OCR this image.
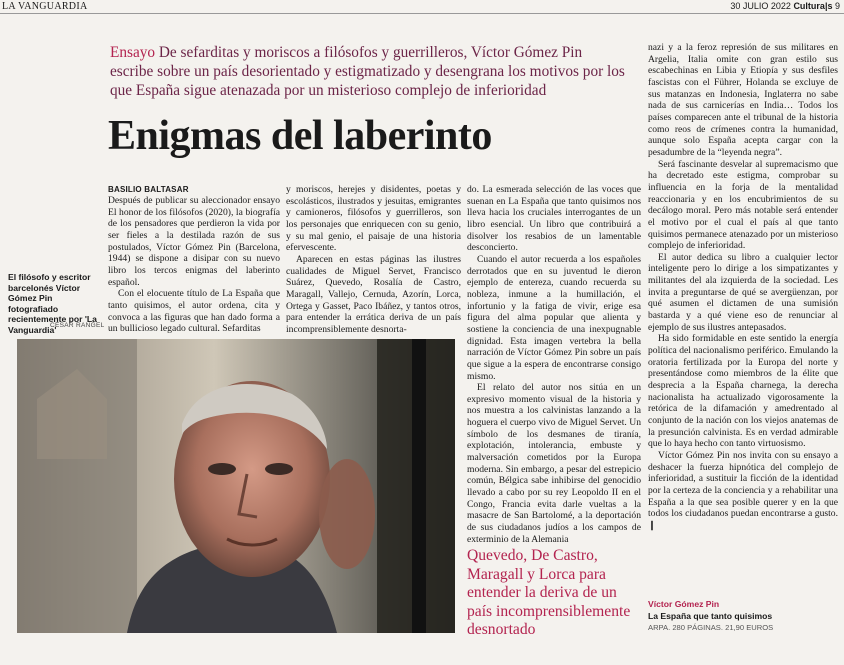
LA VANGUARDIA	30 JULIO 2022 Cultura|s 9
Ensayo De sefarditas y moriscos a filósofos y guerrilleros, Víctor Gómez Pin escribe sobre un país desorientado y estigmatizado y desengrana los motivos por los que España sigue atenazada por un misterioso complejo de inferioridad
Enigmas del laberinto
El filósofo y escritor barcelonés Víctor Gómez Pin fotografiado recientemente por 'La Vanguardia'
CÉSAR RANGEL
BASILIO BALTASAR

Después de publicar su aleccionador ensayo El honor de los filósofos (2020), la biografía de los pensadores que perdieron la vida por ser fieles a la destilada razón de sus postulados, Víctor Gómez Pin (Barcelona, 1944) se dispone a disipar con su nuevo libro los tercos enigmas del laberinto español.

Con el elocuente título de La España que tanto quisimos, el autor ordena, cita y convoca a las figuras que han dado forma a un bullicioso legado cultural. Sefarditas

y moriscos, herejes y disidentes, poetas y escolásticos, ilustrados y jesuitas, emigrantes y camioneros, filósofos y guerrilleros, son los personajes que enriquecen con su genio, y su mal genio, el paisaje de una historia efervescente.

Aparecen en estas páginas las ilustres cualidades de Miguel Servet, Francisco Suárez, Quevedo, Rosalía de Castro, Maragall, Vallejo, Cernuda, Azorín, Lorca, Ortega y Gasset, Paco Ibáñez, y tantos otros, para entender la errática deriva de un país incomprensiblemente desnorta-

do. La esmerada selección de las voces que suenan en La España que tanto quisimos nos lleva hacia los cruciales interrogantes de un libro esencial. Un libro que contribuirá a disolver los resabios de un lamentable desconcierto.

Cuando el autor recuerda a los españoles derrotados que en su juventud le dieron ejemplo de entereza, cuando recuerda su nobleza, inmune a la humillación, el infortunio y la fatiga de vivir, erige esa figura del alma popular que alienta y sostiene la conciencia de una inexpugnable dignidad. Esta imagen vertebra la bella narración de Víctor Gómez Pin sobre un país que sigue a la espera de encontrarse consigo mismo.

El relato del autor nos sitúa en un expresivo momento visual de la historia y nos muestra a los calvinistas lanzando a la hoguera el cuerpo vivo de Miguel Servet. Un símbolo de los desmanes de tiranía, explotación, intolerancia, embuste y malversación cometidos por la Europa moderna. Sin embargo, a pesar del estrepicio común, Bélgica sabe inhibirse del genocidio llevado a cabo por su rey Leopoldo II en el Congo, Francia evita darle vueltas a la masacre de San Bartolomé, a la deportación de sus ciudadanos judíos a los campos de exterminio de la Alemania

Quevedo, De Castro, Maragall y Lorca para entender la deriva de un país incomprensiblemente desnortado

nazi y a la feroz represión de sus militares en Argelia, Italia omite con gran estilo sus escabechinas en Libia y Etiopía y sus desfiles fascistas con el Führer, Holanda se excluye de sus matanzas en Indonesia, Inglaterra no sabe nada de sus carnicerías en India… Todos los países comparecen ante el tribunal de la historia como reos de crímenes contra la humanidad, aunque solo España acepta cargar con la pesadumbre de la “leyenda negra”.

Será fascinante desvelar al supremacismo que ha decretado este estigma, comprobar su influencia en la forja de la mentalidad reaccionaria y en los encubrimientos de su decálogo moral. Pero más notable será entender el motivo por el cual el país al que tanto quisimos permanece atenazado por un misterioso complejo de inferioridad.

El autor dedica su libro a cualquier lector inteligente pero lo dirige a los simpatizantes y militantes del ala izquierda de la sociedad. Les invita a preguntarse de qué se avergüenzan, por qué asumen el dictamen de una sumisión bastarda y a qué viene eso de renunciar al ejemplo de sus ilustres antepasados.

Ha sido formidable en este sentido la energía política del nacionalismo periférico. Emulando la oratoria fertilizada por la Europa del norte y presentándose como miembros de la élite que desprecia a la España charnega, la derecha nacionalista ha actualizado vigorosamente la retórica de la difamación y amedrentado al conjunto de la nación con los viejos anatemas de la presunción calvinista. Es en verdad admirable que lo haya hecho con tanto virtuosismo.

Víctor Gómez Pin nos invita con su ensayo a deshacer la fuerza hipnótica del complejo de inferioridad, a sustituir la ficción de la identidad por la certeza de la conciencia y a rehabilitar una España a la que sea posible querer y en la que todos los ciudadanos puedan encontrarse a gusto. ❙

Víctor Gómez Pin
La España que tanto quisimos
ARPA. 280 PÁGINAS. 21,90 EUROS
